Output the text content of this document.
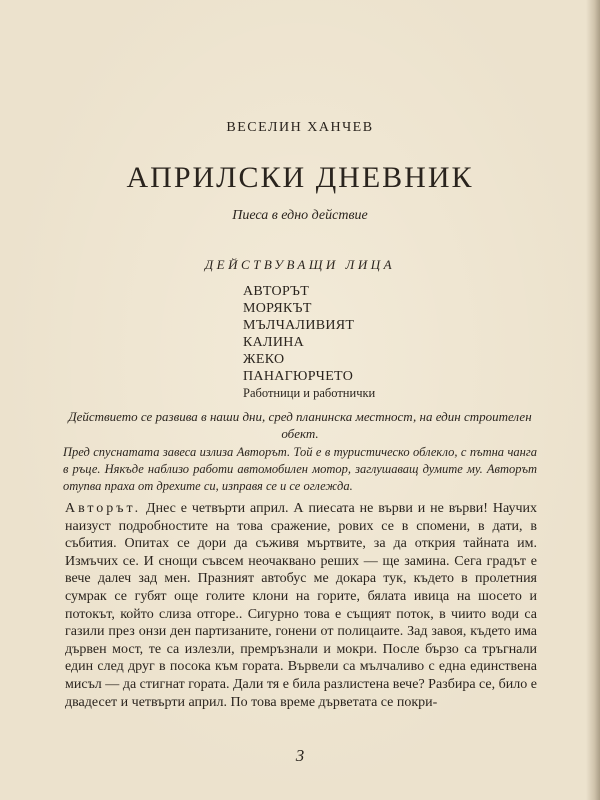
ВЕСЕЛИН ХАНЧЕВ
АПРИЛСКИ ДНЕВНИК
Пиеса в едно действие
ДЕЙСТВУВАЩИ ЛИЦА
АВТОРЪТ
МОРЯКЪТ
МЪЛЧАЛИВИЯТ
КАЛИНА
ЖЕКО
ПАНАГЮРЧЕТО
Работници и работнички
Действието се развива в наши дни, сред планинска местност, на един строителен обект.
Пред спуснатата завеса излиза Авторът. Той е в туристическо облекло, с пътна чанга в ръце. Някъде наблизо работи автомобилен мотор, заглушаващ думите му. Авторът отупва праха от дрехите си, изправя се и се оглежда.
Авторът. Днес е четвърти април. А пиесата не върви и не върви! Научих наизуст подробностите на това сражение, рових се в спомени, в дати, в събития. Опитах се дори да съживя мъртвите, за да открия тайната им. Измъчих се. И снощи съвсем неочаквано реших — ще замина. Сега градът е вече далеч зад мен. Празният автобус ме докара тук, където в пролетния сумрак се губят още голите клони на горите, бялата ивица на шосето и потокът, който слиза отгоре.. Сигурно това е същият поток, в чиито води са газили през онзи ден партизаните, гонени от полицаите. Зад завоя, където има дървен мост, те са излезли, премръзнали и мокри. После бързо са тръгнали един след друг в посока към гората. Вървели са мълчаливо с една единствена мисъл — да стигнат гората. Дали тя е била разлистена вече? Разбира се, било е двадесет и четвърти април. По това време дърветата се покри-
3
